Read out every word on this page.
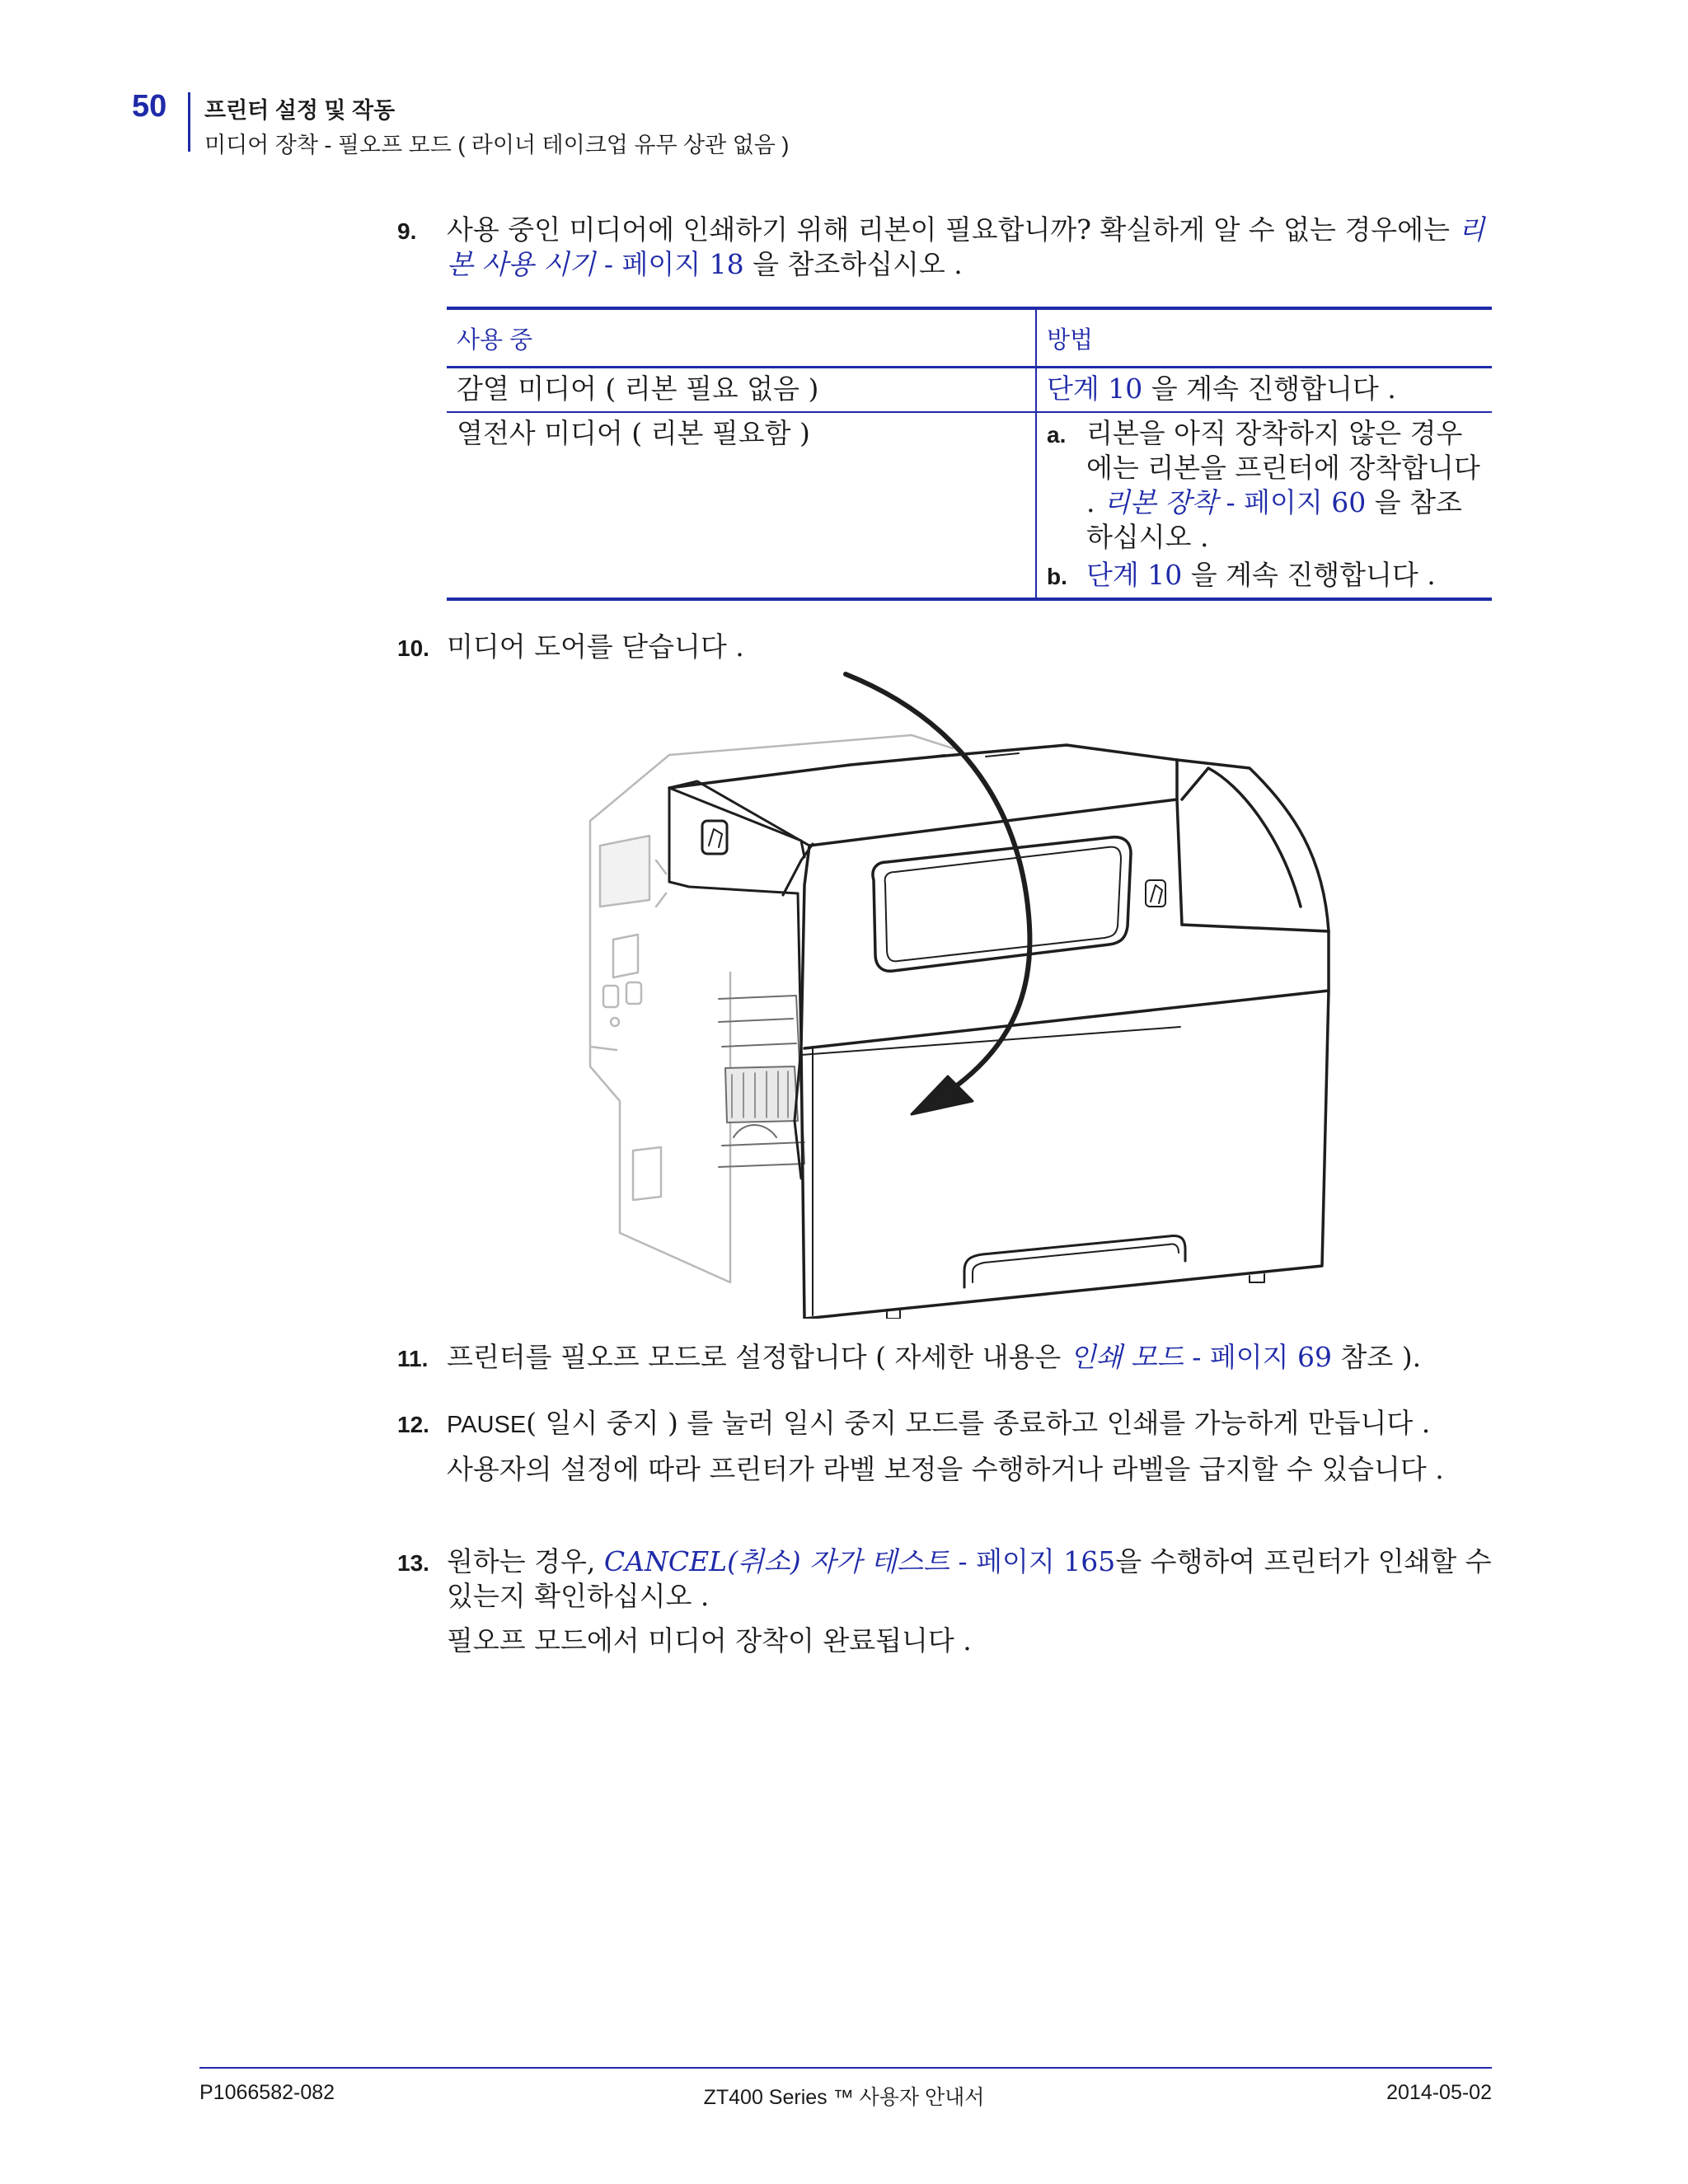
50 프린터 설정 및 작동
미디어 장착 - 필오프 모드 ( 라이너 테이크업 유무 상관 없음 )
9. 사용 중인 미디어에 인쇄하기 위해 리본이 필요합니까? 확실하게 알 수 없는 경우에는 리본 사용 시기 - 페이지 18 을 참조하십시오 .

사용 중	방법
감열 미디어 ( 리본 필요 없음 )	단계 10 을 계속 진행합니다 .
열전사 미디어 ( 리본 필요함 )	a. 리본을 아직 장착하지 않은 경우에는 리본을 프린터에 장착합니다 . 리본 장착 - 페이지 60 을 참조하십시오 .
b. 단계 10 을 계속 진행합니다 .
10. 미디어 도어를 닫습니다 .

11. 프린터를 필오프 모드로 설정합니다 ( 자세한 내용은 인쇄 모드 - 페이지 69 참조 ).

12. PAUSE( 일시 중지 ) 를 눌러 일시 중지 모드를 종료하고 인쇄를 가능하게 만듭니다 .

사용자의 설정에 따라 프린터가 라벨 보정을 수행하거나 라벨을 급지할 수 있습니다 .

13. 원하는 경우, CANCEL(취소) 자가 테스트 - 페이지 165을 수행하여 프린터가 인쇄할 수 있는지 확인하십시오 .

필오프 모드에서 미디어 장착이 완료됩니다 .

P1066582-082	ZT400 Series ™ 사용자 안내서	2014-05-02
